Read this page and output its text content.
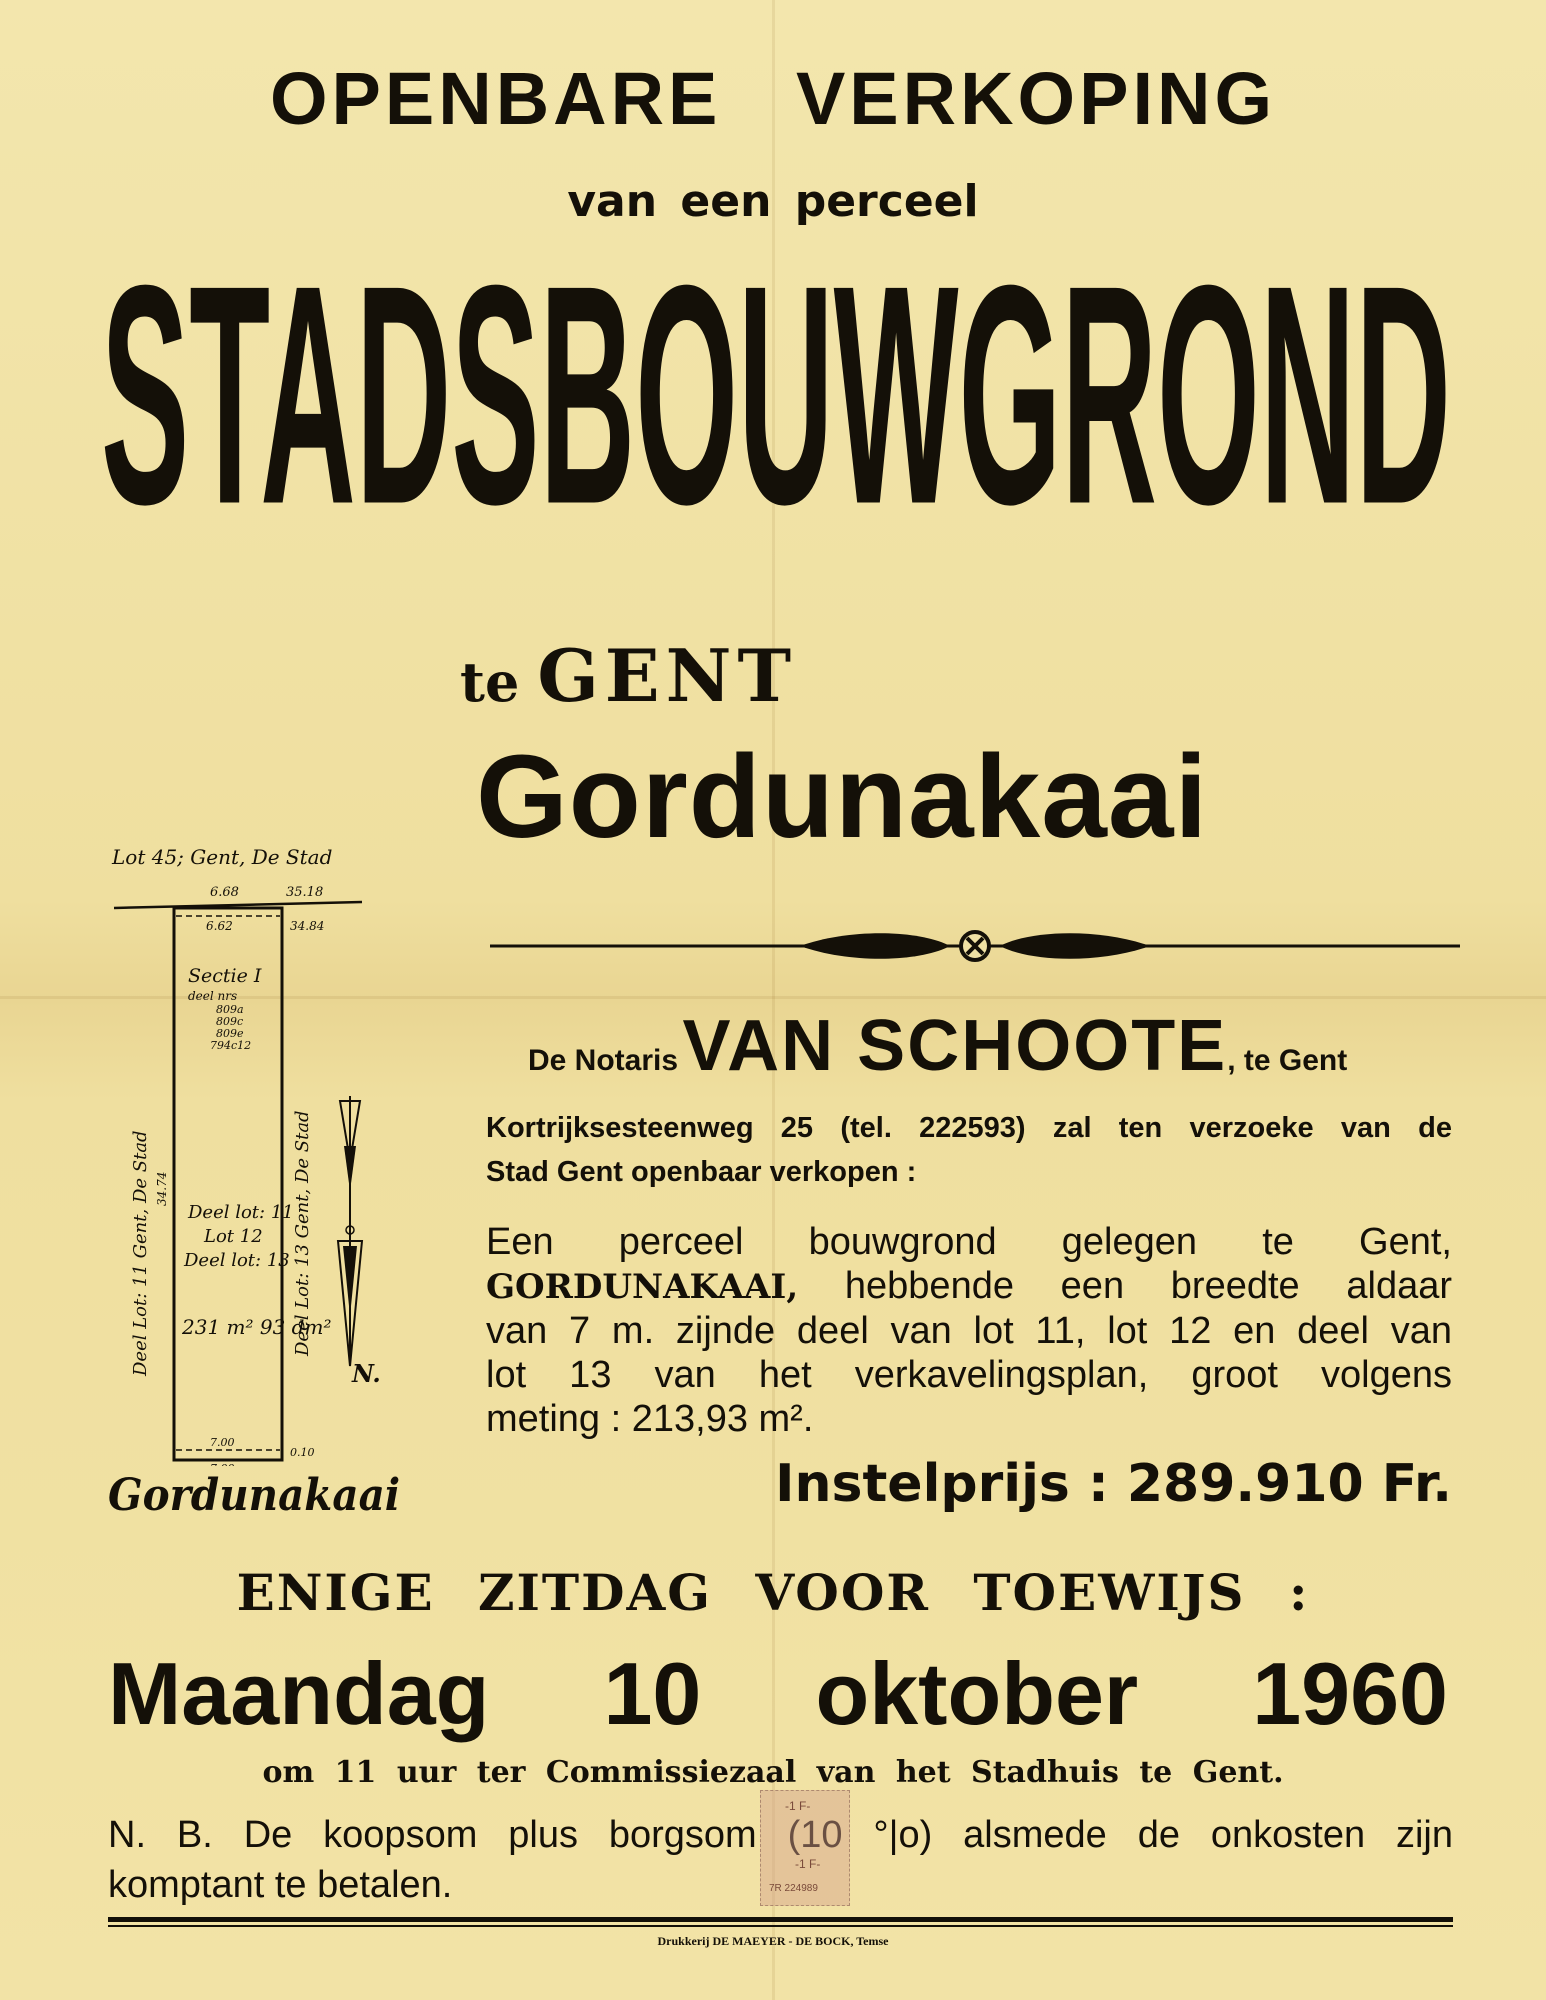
OPENBARE VERKOPING
van een perceel
STADSBOUWGROND
te GENT
Gordunakaai
De Notaris VAN SCHOOTE, te Gent
Kortrijksesteenweg 25 (tel. 222593) zal ten verzoeke van de
Stad Gent openbaar verkopen :
Een perceel bouwgrond gelegen te Gent,
GORDUNAKAAI, hebbende een breedte aldaar
van 7 m. zijnde deel van lot 11, lot 12 en deel van
lot 13 van het verkavelingsplan, groot volgens
meting : 213,93 m².
Instelprijs : 289.910 Fr.
ENIGE ZITDAG VOOR TOEWIJS :
Maandag 10 oktober 1960
om 11 uur ter Commissiezaal van het Stadhuis te Gent.
N. B. De koopsom plus borgsom (10 °|o) alsmede de onkosten zijn
komptant te betalen.
-1 F-
-1 F-
7R 224989
Drukkerij DE MAEYER - DE BOCK, Temse
Lot 45; Gent, De Stad
6.68	35.18
6.62	34.84
Sectie I
deel nrs
809a
809c
809e
794c12
Deel lot: 11
Lot 12
Deel lot: 13
231 m² 93 dm²
Deel Lot: 11 Gent, De Stad 34.74	Deel Lot: 13 Gent, De Stad
7.00
0.10
N.
Gordunakaai
